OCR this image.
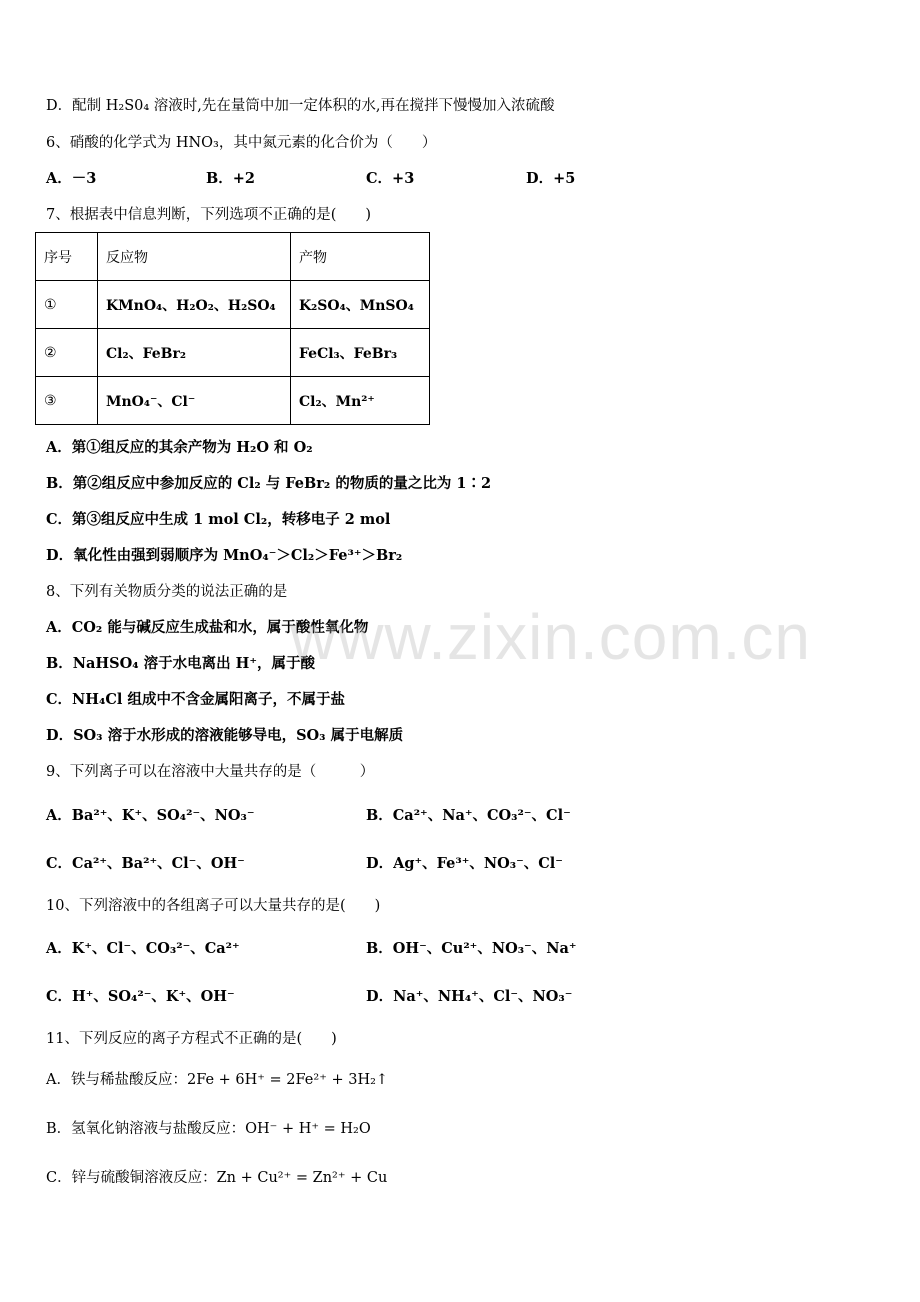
D．配制 H₂S0₄ 溶液时,先在量筒中加一定体积的水,再在搅拌下慢慢加入浓硫酸
6、硝酸的化学式为 HNO₃，其中氮元素的化合价为（　　）
A．－3	B．+2	C．+3	D．+5
7、根据表中信息判断，下列选项不正确的是(　　)
序号	反应物	产物
①	KMnO₄、H₂O₂、H₂SO₄	K₂SO₄、MnSO₄
②	Cl₂、FeBr₂	FeCl₃、FeBr₃
③	MnO₄⁻、Cl⁻	Cl₂、Mn²⁺
A．第①组反应的其余产物为 H₂O 和 O₂
B．第②组反应中参加反应的 Cl₂ 与 FeBr₂ 的物质的量之比为 1∶2
C．第③组反应中生成 1 mol Cl₂，转移电子 2 mol
D．氧化性由强到弱顺序为 MnO₄⁻＞Cl₂＞Fe³⁺＞Br₂
8、下列有关物质分类的说法正确的是
A．CO₂ 能与碱反应生成盐和水，属于酸性氧化物
B．NaHSO₄ 溶于水电离出 H⁺，属于酸
C．NH₄Cl 组成中不含金属阳离子，不属于盐
D．SO₃ 溶于水形成的溶液能够导电，SO₃ 属于电解质
9、下列离子可以在溶液中大量共存的是（　　　）
A．Ba²⁺、K⁺、SO₄²⁻、NO₃⁻	B．Ca²⁺、Na⁺、CO₃²⁻、Cl⁻
C．Ca²⁺、Ba²⁺、Cl⁻、OH⁻	D．Ag⁺、Fe³⁺、NO₃⁻、Cl⁻
10、下列溶液中的各组离子可以大量共存的是(　　)
A．K⁺、Cl⁻、CO₃²⁻、Ca²⁺	B．OH⁻、Cu²⁺、NO₃⁻、Na⁺
C．H⁺、SO₄²⁻、K⁺、OH⁻	D．Na⁺、NH₄⁺、Cl⁻、NO₃⁻
11、下列反应的离子方程式不正确的是(　　)
A．铁与稀盐酸反应：2Fe + 6H⁺ = 2Fe²⁺ + 3H₂↑
B．氢氧化钠溶液与盐酸反应：OH⁻ + H⁺ = H₂O
C．锌与硫酸铜溶液反应：Zn + Cu²⁺ = Zn²⁺ + Cu
www.zixin.com.cn
